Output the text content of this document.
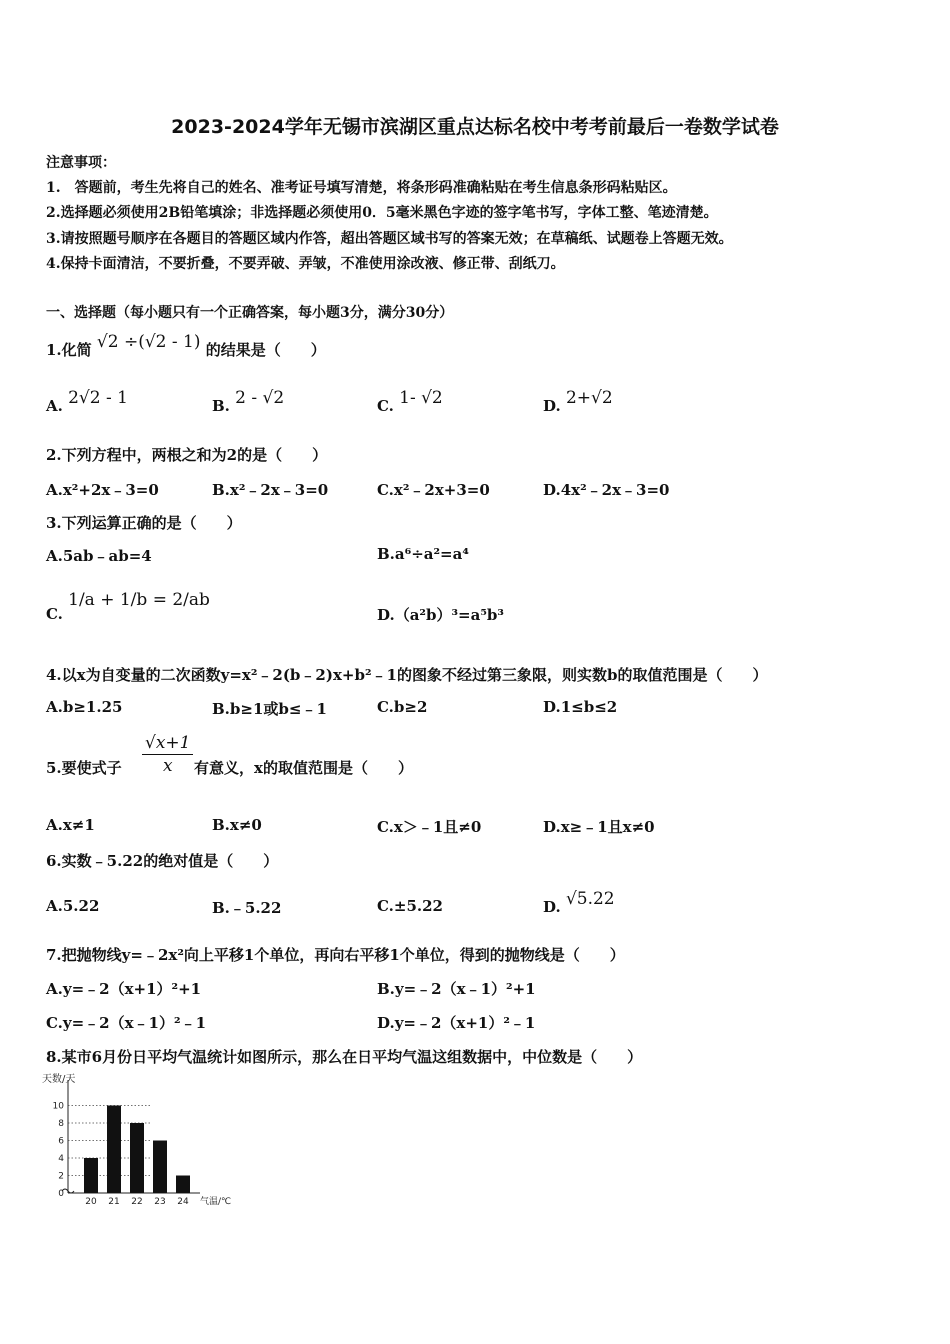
2023-2024学年无锡市滨湖区重点达标名校中考考前最后一卷数学试卷
注意事项：
1.　答题前，考生先将自己的姓名、准考证号填写清楚，将条形码准确粘贴在考生信息条形码粘贴区。
2.选择题必须使用2B铅笔填涂；非选择题必须使用0．5毫米黑色字迹的签字笔书写，字体工整、笔迹清楚。
3.请按照题号顺序在各题目的答题区域内作答，超出答题区域书写的答案无效；在草稿纸、试题卷上答题无效。
4.保持卡面清洁，不要折叠，不要弄破、弄皱，不准使用涂改液、修正带、刮纸刀。
一、选择题（每小题只有一个正确答案，每小题3分，满分30分）
1.化简 √2 ÷(√2 - 1) 的结果是（　　）
A. 2√2 - 1	B. 2 - √2	C. 1- √2	D. 2+√2
2.下列方程中，两根之和为2的是（　　）
A.x²+2x﹣3=0	B.x²﹣2x﹣3=0	C.x²﹣2x+3=0	D.4x²﹣2x﹣3=0
3.下列运算正确的是（　　）
A.5ab﹣ab=4	B.a⁶÷a²=a⁴
C. 1/a + 1/b = 2/ab
D.（a²b）³=a⁵b³
4.以x为自变量的二次函数y=x²﹣2(b﹣2)x+b²﹣1的图象不经过第三象限，则实数b的取值范围是（　　）
A.b≥1.25	B.b≥1或b≤﹣1	C.b≥2	D.1≤b≤2
5.要使式子 $\frac{√x+1}{x}$ 有意义，x的取值范围是（　　）
A.x≠1	B.x≠0	C.x＞﹣1且≠0	D.x≥﹣1且x≠0
6.实数﹣5.22的绝对值是（　　）
A.5.22	B.﹣5.22	C.±5.22	D. √5.22
7.把抛物线y=﹣2x²向上平移1个单位，再向右平移1个单位，得到的抛物线是（　　）
A.y=﹣2（x+1）²+1	B.y=﹣2（x﹣1）²+1
C.y=﹣2（x﹣1）²﹣1	D.y=﹣2（x+1）²﹣1
8.某市6月份日平均气温统计如图所示，那么在日平均气温这组数据中，中位数是（　　）
天数/天
0
2
4
6
8
10
20 21 22 23 24 气温/℃
